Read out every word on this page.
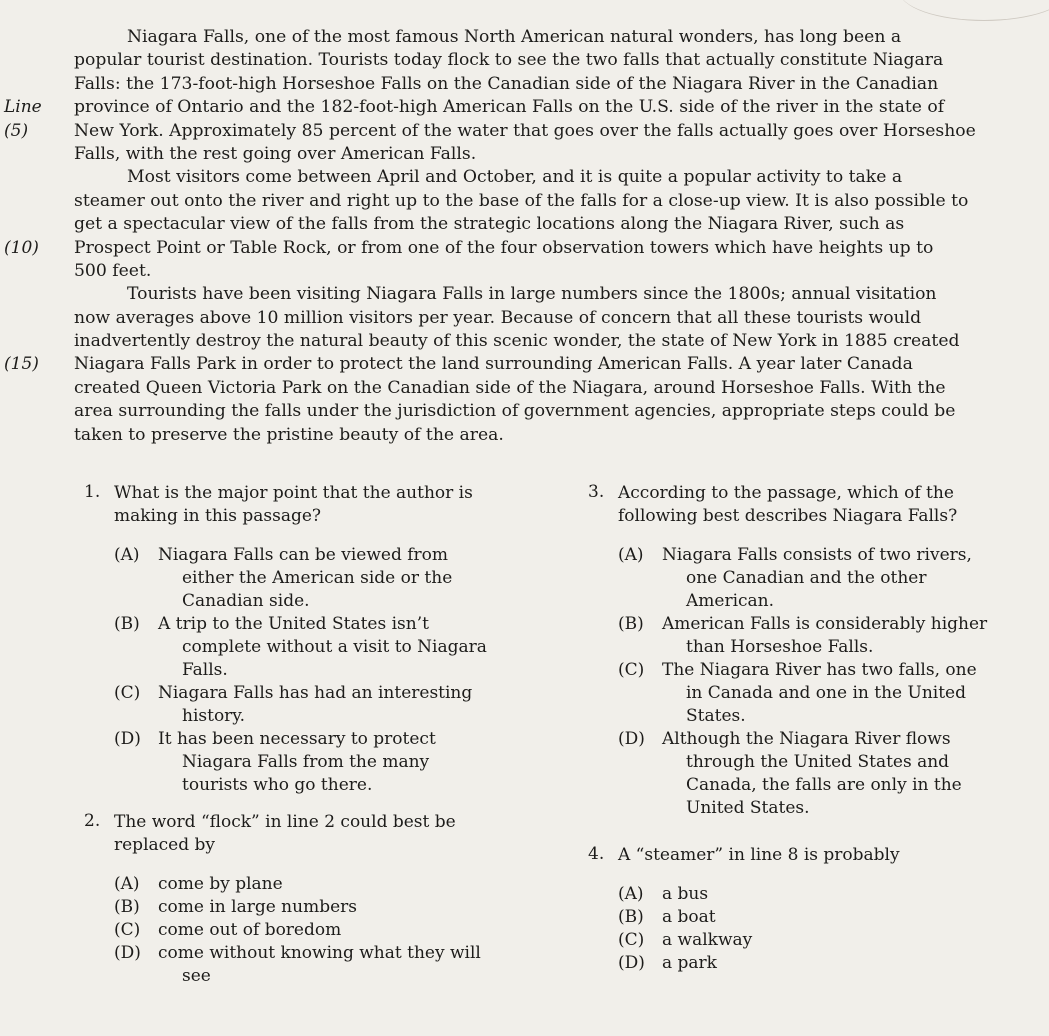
Niagara Falls, one of the most famous North American natural wonders, has long been a
popular tourist destination. Tourists today flock to see the two falls that actually constitute Niagara
Falls: the 173-foot-high Horseshoe Falls on the Canadian side of the Niagara River in the Canadian
Line province of Ontario and the 182-foot-high American Falls on the U.S. side of the river in the state of
(5)	New York. Approximately 85 percent of the water that goes over the falls actually goes over Horseshoe
Falls, with the rest going over American Falls.
Most visitors come between April and October, and it is quite a popular activity to take a
steamer out onto the river and right up to the base of the falls for a close-up view. It is also possible to
get a spectacular view of the falls from the strategic locations along the Niagara River, such as
(10) Prospect Point or Table Rock, or from one of the four observation towers which have heights up to
500 feet.
Tourists have been visiting Niagara Falls in large numbers since the 1800s; annual visitation
now averages above 10 million visitors per year. Because of concern that all these tourists would
inadvertently destroy the natural beauty of this scenic wonder, the state of New York in 1885 created
(15) Niagara Falls Park in order to protect the land surrounding American Falls. A year later Canada
created Queen Victoria Park on the Canadian side of the Niagara, around Horseshoe Falls. With the
area surrounding the falls under the jurisdiction of government agencies, appropriate steps could be
taken to preserve the pristine beauty of the area.
1. What is the major point that the author is
making in this passage?
(A) Niagara Falls can be viewed from
either the American side or the
Canadian side.
(B) A trip to the United States isn’t
complete without a visit to Niagara
Falls.
(C) Niagara Falls has had an interesting
history.
(D) It has been necessary to protect
Niagara Falls from the many
tourists who go there.
2. The word “flock” in line 2 could best be
replaced by
(A) come by plane
(B) come in large numbers
(C) come out of boredom
(D) come without knowing what they will
see
3. According to the passage, which of the
following best describes Niagara Falls?
(A) Niagara Falls consists of two rivers,
one Canadian and the other
American.
(B) American Falls is considerably higher
than Horseshoe Falls.
(C) The Niagara River has two falls, one
in Canada and one in the United
States.
(D) Although the Niagara River flows
through the United States and
Canada, the falls are only in the
United States.
4. A “steamer” in line 8 is probably
(A) a bus
(B) a boat
(C) a walkway
(D) a park
